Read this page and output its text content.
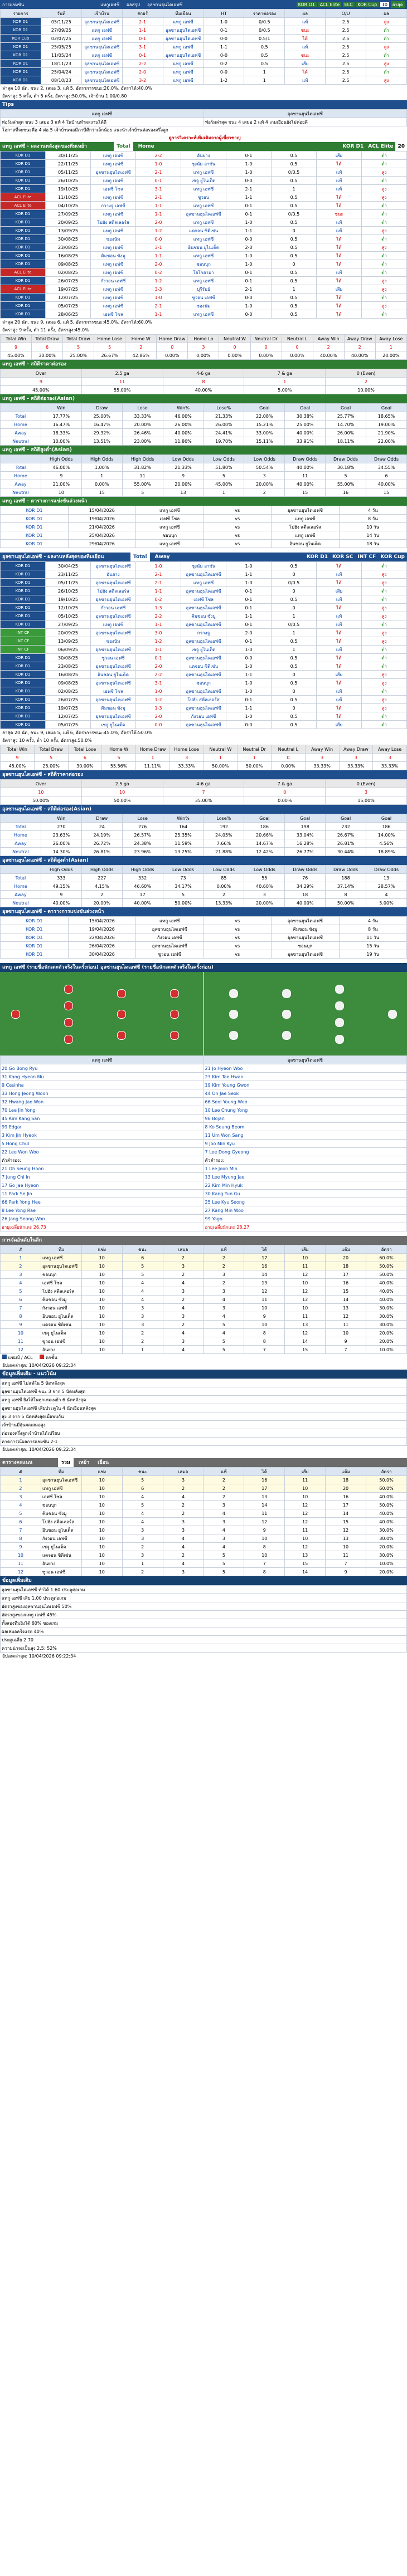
การแข่งขัน	แทกูเอฟซี	ผลสรุป	อุลซานฮุนไดเอฟซี	KOR D1 ACL Elite ELC KOR Cup 10 ล่าสุด
รายการ	วันที่	เจ้าบ้าน	สกอร์	ทีมเยือน	HT	ราคาต่อรอง	ผล	O/U	ผล
KOR D1	05/11/25	อุลซานฮุนไดเอฟซี	2-1	แทกู เอฟซี	1-0	0/0.5	แพ้	2.5	สูง
KOR D1	27/09/25	แทกู เอฟซี	1-1	อุลซานฮุนไดเอฟซี	0-1	0/0.5	ชนะ	2.5	ต่ำ
KOR Cup	02/07/25	แทกู เอฟซี	0-1	อุลซานฮุนไดเอฟซี	0-0	0.5/1	ได้	2.5	ต่ำ
KOR D1	25/05/25	อุลซานฮุนไดเอฟซี	3-1	แทกู เอฟซี	1-1	0.5	แพ้	2.5	สูง
KOR D1	11/05/24	แทกู เอฟซี	0-1	อุลซานฮุนไดเอฟซี	0-0	0.5	ชนะ	2.5	ต่ำ
KOR D1	18/11/23	อุลซานฮุนไดเอฟซี	2-2	แทกู เอฟซี	0-2	0.5	เสีย	2.5	สูง
KOR D1	25/04/24	อุลซานฮุนไดเอฟซี	2-0	แทกู เอฟซี	0-0	1	ได้	2.5	ต่ำ
KOR D1	08/10/23	อุลซานฮุนไดเอฟซี	3-2	แทกู เอฟซี	1-2	1	แพ้	2.5	สูง
ล่าสุด 10 นัด, ชนะ 2, เสมอ 3, แพ้ 5, อัตราการชนะ:20.0%, อัตราได้:40.0%
อัตราสูง 5 ครั้ง, ต่ำ 5 ครั้ง, อัตราสูง:50.0%, เจ้าบ้าน 1.00/0.80
Tips
แทกู เอฟซี	อุลซานฮุนไดเอฟซี
ฟอร์มล่าสุด ชนะ 3 เสมอ 3 แพ้ 4 ในบ้านทำผลงานได้ดี	ฟอร์มล่าสุด ชนะ 4 เสมอ 2 แพ้ 4 เกมเยือนยังไม่ค่อยดี
โอกาสที่จะชนะคือ 4 ต่อ 5 เจ้าบ้านพอมีภาษีดีกว่าเล็กน้อย แนะนำเจ้าบ้านต่อรองครึ่งลูก
ดูการวิเคราะห์เพิ่มเติมจากผู้เชี่ยวชาญ
แทกู เอฟซี - ผลงานหลังสุดของทีมเหย้า	Total	Home	KOR D1 ACL Elite 20
KOR D1	30/11/25	แทกู เอฟซี	2-2	อันยาง	0-1	0.5	เสีย	ต่ำ
KOR D1	22/11/25	แทกู เอฟซี	1-0	ชุงนัม อาซัน	1-0	0.5	ได้	ต่ำ
KOR D1	05/11/25	อุลซานฮุนไดเอฟซี	2-1	แทกู เอฟซี	1-0	0/0.5	แพ้	สูง
KOR D1	26/10/25	แทกู เอฟซี	0-1	เชจู ยูไนเต็ด	0-0	0.5	แพ้	ต่ำ
KOR D1	19/10/25	เอฟซี โซล	3-1	แทกู เอฟซี	2-1	1	แพ้	สูง
ACL Elite	11/10/25	แทกู เอฟซี	2-1	ซูวอน	1-1	0.5	ได้	สูง
ACL Elite	04/10/25	กวางจู เอฟซี	1-1	แทกู เอฟซี	0-1	0.5	ได้	ต่ำ
KOR D1	27/09/25	แทกู เอฟซี	1-1	อุลซานฮุนไดเอฟซี	0-1	0/0.5	ชนะ	ต่ำ
KOR D1	20/09/25	โปฮัง สตีลเลอร์ส	2-0	แทกู เอฟซี	1-0	0.5	แพ้	ต่ำ
KOR D1	13/09/25	แทกู เอฟซี	1-2	แดจอน ซิติเซ่น	1-1	0	แพ้	สูง
KOR D1	30/08/25	ซองนัม	0-0	แทกู เอฟซี	0-0	0.5	ได้	ต่ำ
KOR D1	23/08/25	แทกู เอฟซี	3-1	อินชอน ยูไนเต็ด	2-0	0.5	ได้	สูง
KOR D1	16/08/25	คิมชอน ซังมู	1-1	แทกู เอฟซี	1-0	0.5	ได้	ต่ำ
KOR D1	09/08/25	แทกู เอฟซี	2-0	ชอนบุก	1-0	0	ได้	ต่ำ
ACL Elite	02/08/25	แทกู เอฟซี	0-2	โยโกฮาม่า	0-1	0.5	แพ้	ต่ำ
KOR D1	26/07/25	กังวอน เอฟซี	1-2	แทกู เอฟซี	0-1	0.5	ได้	สูง
ACL Elite	19/07/25	แทกู เอฟซี	3-3	บุรีรัมย์	2-1	1	เสีย	สูง
KOR D1	12/07/25	แทกู เอฟซี	1-0	ซูวอน เอฟซี	0-0	0.5	ได้	ต่ำ
KOR D1	05/07/25	แทกู เอฟซี	2-1	ซองนัม	1-0	0.5	ได้	สูง
KOR D1	28/06/25	เอฟซี โซล	1-1	แทกู เอฟซี	0-0	0.5	ได้	ต่ำ
ล่าสุด 20 นัด, ชนะ 9, เสมอ 6, แพ้ 5, อัตราการชนะ:45.0%, อัตราได้:60.0%
อัตราสูง 9 ครั้ง, ต่ำ 11 ครั้ง, อัตราสูง:45.0%
Total Win	Total Draw	Total Draw	Home Lose	Home W	Home Draw	Home Lo	Neutral W	Neutral Dr	Neutral L	Away Win	Away Draw	Away Lose
9	6	5	5	2	0	3	0	0	0	2	2	1
45.00%	30.00%	25.00%	26.67%	42.86%	0.00%	0.00%	0.00%	0.00%	0.00%	40.00%	40.00%	20.00%
แทกู เอฟซี - สถิติราคาต่อรอง
Over	2.5 ga	4-6 ga	7 & ga	0 (Even)
9	11	8	1	2
45.00%	55.00%	40.00%	5.00%	10.00%
แทกู เอฟซี - สถิติต่อรอง(Asian)
	Win	Draw	Lose	Win%	Lose%	Goal	Goal	Goal	Goal
Total	17.77%	25.00%	33.33%	46.00%	21.33%	22.08%	30.38%	25.77%	18.65%
Home	16.47%	16.47%	20.00%	26.00%	26.00%	15.21%	25.00%	14.70%	19.00%
Away	18.33%	29.32%	26.46%	40.00%	24.41%	33.00%	40.00%	26.00%	21.90%
Neutral	10.00%	13.51%	23.00%	11.80%	19.70%	15.11%	33.91%	18.11%	22.00%
แทกู เอฟซี - สถิติสูงต่ำ(Asian)
	High Odds	High Odds	High Odds	Low Odds	Low Odds	Low Odds	Draw Odds	Draw Odds	Draw Odds
Total	46.00%	1.00%	31.82%	21.33%	51.80%	50.54%	40.00%	30.18%	34.55%
Home	9	1	11	9	5	3	11	5	6
Away	21.00%	0.00%	55.00%	20.00%	45.00%	20.00%	40.00%	55.00%	40.00%
Neutral	10	15	5	13	1	2	15	16	15
แทกู เอฟซี - ตารางการแข่งขันล่วงหน้า
KOR D1	15/04/2026	แทกู เอฟซี	vs	อุลซานฮุนไดเอฟซี	4 วัน
KOR D1	19/04/2026	เอฟซี โซล	vs	แทกู เอฟซี	8 วัน
KOR D1	21/04/2026	แทกู เอฟซี	vs	โปฮัง สตีลเลอร์ส	10 วัน
KOR D1	25/04/2026	ชอนบุก	vs	แทกู เอฟซี	14 วัน
KOR D1	29/04/2026	แทกู เอฟซี	vs	อินชอน ยูไนเต็ด	18 วัน
อุลซานฮุนไดเอฟซี - ผลงานหลังสุดของทีมเยือน	Total	Away	KOR D1 KOR SC INT CF KOR Cup
KOR D1	30/04/25	อุลซานฮุนไดเอฟซี	1-0	ชุงนัม อาซัน	1-0	0.5	ได้	ต่ำ
KOR D1	23/11/25	อันยาง	2-1	อุลซานฮุนไดเอฟซี	1-1	0	แพ้	สูง
KOR D1	05/11/25	อุลซานฮุนไดเอฟซี	2-1	แทกู เอฟซี	1-0	0/0.5	ได้	สูง
KOR D1	26/10/25	โปฮัง สตีลเลอร์ส	1-1	อุลซานฮุนไดเอฟซี	0-1	0	เสีย	ต่ำ
KOR D1	19/10/25	อุลซานฮุนไดเอฟซี	0-2	เอฟซี โซล	0-1	0.5	แพ้	ต่ำ
KOR D1	12/10/25	กังวอน เอฟซี	1-3	อุลซานฮุนไดเอฟซี	0-1	0	ได้	สูง
KOR D1	05/10/25	อุลซานฮุนไดเอฟซี	2-2	คิมชอน ซังมู	1-1	1	แพ้	สูง
KOR D1	27/09/25	แทกู เอฟซี	1-1	อุลซานฮุนไดเอฟซี	0-1	0/0.5	แพ้	ต่ำ
INT CF	20/09/25	อุลซานฮุนไดเอฟซี	3-0	กวางจู	2-0	1	ได้	สูง
INT CF	13/09/25	ซองนัม	1-2	อุลซานฮุนไดเอฟซี	0-1	0.5	ได้	สูง
INT CF	06/09/25	อุลซานฮุนไดเอฟซี	1-1	เชจู ยูไนเต็ด	1-0	1	แพ้	ต่ำ
KOR D1	30/08/25	ซูวอน เอฟซี	0-1	อุลซานฮุนไดเอฟซี	0-0	0.5	ได้	ต่ำ
KOR D1	23/08/25	อุลซานฮุนไดเอฟซี	2-0	แดจอน ซิติเซ่น	1-0	0.5	ได้	ต่ำ
KOR D1	16/08/25	อินชอน ยูไนเต็ด	2-2	อุลซานฮุนไดเอฟซี	1-1	0	เสีย	สูง
KOR D1	09/08/25	อุลซานฮุนไดเอฟซี	3-1	ชอนบุก	1-0	0.5	ได้	สูง
KOR D1	02/08/25	เอฟซี โซล	1-0	อุลซานฮุนไดเอฟซี	1-0	0	แพ้	ต่ำ
KOR D1	26/07/25	อุลซานฮุนไดเอฟซี	1-2	โปฮัง สตีลเลอร์ส	0-1	0.5	แพ้	สูง
KOR D1	19/07/25	คิมชอน ซังมู	1-3	อุลซานฮุนไดเอฟซี	1-1	0	ได้	สูง
KOR D1	12/07/25	อุลซานฮุนไดเอฟซี	2-0	กังวอน เอฟซี	1-0	0.5	ได้	ต่ำ
KOR D1	05/07/25	เชจู ยูไนเต็ด	0-0	อุลซานฮุนไดเอฟซี	0-0	0.5	เสีย	ต่ำ
ล่าสุด 20 นัด, ชนะ 9, เสมอ 5, แพ้ 6, อัตราการชนะ:45.0%, อัตราได้:50.0%
อัตราสูง 10 ครั้ง, ต่ำ 10 ครั้ง, อัตราสูง:50.0%
Total Win	Total Draw	Total Lose	Home W	Home Draw	Home Lose	Neutral W	Neutral Dr	Neutral L	Away Win	Away Draw	Away Lose
9	5	6	5	1	3	1	1	0	3	3	3
45.00%	25.00%	30.00%	55.56%	11.11%	33.33%	50.00%	50.00%	0.00%	33.33%	33.33%	33.33%
อุลซานฮุนไดเอฟซี - สถิติราคาต่อรอง
Over	2.5 ga	4-6 ga	7 & ga	0 (Even)
10	10	7	0	3
50.00%	50.00%	35.00%	0.00%	15.00%
อุลซานฮุนไดเอฟซี - สถิติต่อรอง(Asian)
	Win	Draw	Lose	Win%	Lose%	Goal	Goal	Goal	Goal
Total	270	24	276	164	192	186	198	232	186
Home	23.63%	24.19%	26.57%	25.35%	24.05%	20.66%	33.04%	26.67%	14.00%
Away	26.00%	26.72%	24.38%	11.59%	7.66%	14.67%	16.28%	26.81%	4.56%
Neutral	14.30%	26.81%	23.96%	13.25%	21.88%	12.42%	26.77%	30.44%	18.89%
อุลซานฮุนไดเอฟซี - สถิติสูงต่ำ(Asian)
	High Odds	High Odds	High Odds	Low Odds	Low Odds	Low Odds	Draw Odds	Draw Odds	Draw Odds
Total	333	227	332	73	85	55	76	188	13
Home	49.15%	4.15%	46.60%	34.17%	0.00%	40.60%	34.29%	37.14%	28.57%
Away	9	2	17	5	2	3	18	8	4
Neutral	40.00%	20.00%	40.00%	50.00%	13.33%	20.00%	40.00%	50.00%	5.00%
อุลซานฮุนไดเอฟซี - ตารางการแข่งขันล่วงหน้า
KOR D1	15/04/2026	แทกู เอฟซี	vs	อุลซานฮุนไดเอฟซี	4 วัน
KOR D1	19/04/2026	อุลซานฮุนไดเอฟซี	vs	คิมชอน ซังมู	8 วัน
KOR D1	22/04/2026	กังวอน เอฟซี	vs	อุลซานฮุนไดเอฟซี	11 วัน
KOR D1	26/04/2026	อุลซานฮุนไดเอฟซี	vs	ชอนบุก	15 วัน
KOR D1	30/04/2026	ซูวอน เอฟซี	vs	อุลซานฮุนไดเอฟซี	19 วัน
แทกู เอฟซี (รายชื่อนักเตะตัวจริงในครั้งก่อน) อุลซานฮุนไดเอฟซี (รายชื่อนักเตะตัวจริงในครั้งก่อน)
แทกู เอฟซี	อุลซานฮุนไดเอฟซี
20 Go Bong Ryu	21 Jo Hyeon Woo
31 Kang Hyeon Mu	23 Kim Tae Hwan
9 Cesinha	19 Kim Young Gwon
33 Hong Jeong Woon	44 Oh Jae Seok
32 Hwang Jae Won	66 Seol Young Woo
70 Lee Jin Yong	10 Lee Chung Yong
45 Kim Kang San	96 Bojan
99 Edgar	8 Ko Seung Beom
3 Kim Jin Hyeok	11 Um Won Sang
5 Hong Chul	9 Joo Min Kyu
22 Lee Won Woo	7 Lee Dong Gyeong
ตัวสำรอง:	ตัวสำรอง:
21 Oh Seung Hoon	1 Lee Joon Min
7 Jung Chi In	13 Lee Myung Jae
17 Go Jae Hyeon	22 Kim Min Hyuk
11 Park Se Jin	30 Kang Yun Gu
66 Park Yong Hee	25 Lee Kyu Seong
8 Lee Yong Rae	27 Kang Min Woo
26 Jang Seong Won	99 Yago
อายุเฉลี่ยนักเตะ 26.73	อายุเฉลี่ยนักเตะ 28.27
การจัดอันดับในลีก
#	ทีม	แข่ง	ชนะ	เสมอ	แพ้	ได้	เสีย	แต้ม	อัตรา
1	แทกู เอฟซี	10	6	2	2	17	10	20	60.0%
2	อุลซานฮุนไดเอฟซี	10	5	3	2	16	11	18	50.0%
3	ชอนบุก	10	5	2	3	14	12	17	50.0%
4	เอฟซี โซล	10	4	4	2	13	10	16	40.0%
5	โปฮัง สตีลเลอร์ส	10	4	3	3	12	12	15	40.0%
6	คิมชอน ซังมู	10	4	2	4	11	12	14	40.0%
7	กังวอน เอฟซี	10	3	4	3	10	10	13	30.0%
8	อินชอน ยูไนเต็ด	10	3	3	4	9	11	12	30.0%
9	แดจอน ซิติเซ่น	10	3	2	5	10	13	11	30.0%
10	เชจู ยูไนเต็ด	10	2	4	4	8	12	10	20.0%
11	ซูวอน เอฟซี	10	2	3	5	8	14	9	20.0%
12	อันยาง	10	1	4	5	7	15	7	10.0%
แชมป์ / ACL	ตกชั้น
อัปเดตล่าสุด: 10/04/2026 09:22:34
ข้อมูลเพิ่มเติม - แนวโน้ม
แทกู เอฟซี ไม่แพ้ใน 5 นัดหลังสุด
อุลซานฮุนไดเอฟซี ชนะ 3 จาก 5 นัดหลังสุด
แทกู เอฟซี ยิงได้ในทุกเกมเหย้า 6 นัดหลังสุด
อุลซานฮุนไดเอฟซี เสียประตูใน 4 นัดเยือนหลังสุด
สูง 3 จาก 5 นัดหลังสุดเมื่อพบกัน
เจ้าบ้านมีลุ้นผลเสมอสูง
ต่อรองครึ่งลูกเจ้าบ้านได้เปรียบ
คาดการณ์ผลการแข่งขัน 2-1
อัปเดตล่าสุด: 10/04/2026 09:22:34
ตารางคะแนน	รวม	เหย้า	เยือน
#	ทีม	แข่ง	ชนะ	เสมอ	แพ้	ได้	เสีย	แต้ม	อัตรา
1	อุลซานฮุนไดเอฟซี	10	5	3	2	16	11	18	50.0%
2	แทกู เอฟซี	10	6	2	2	17	10	20	60.0%
3	เอฟซี โซล	10	4	4	2	13	10	16	40.0%
4	ชอนบุก	10	5	2	3	14	12	17	50.0%
5	คิมชอน ซังมู	10	4	2	4	11	12	14	40.0%
6	โปฮัง สตีลเลอร์ส	10	4	3	3	12	12	15	40.0%
7	อินชอน ยูไนเต็ด	10	3	3	4	9	11	12	30.0%
8	กังวอน เอฟซี	10	3	4	3	10	10	13	30.0%
9	เชจู ยูไนเต็ด	10	2	4	4	8	12	10	20.0%
10	แดจอน ซิติเซ่น	10	3	2	5	10	13	11	30.0%
11	อันยาง	10	1	4	5	7	15	7	10.0%
12	ซูวอน เอฟซี	10	2	3	5	8	14	9	20.0%
ข้อมูลเพิ่มเติม
อุลซานฮุนไดเอฟซี ทำได้ 1.60 ประตูต่อเกม
แทกู เอฟซี เสีย 1.00 ประตูต่อเกม
อัตราสูงของอุลซานฮุนไดเอฟซี 50%
อัตราสูงของแทกู เอฟซี 45%
ทั้งสองทีมยิงได้ 60% ของเกม
ผลเสมอครึ่งแรก 40%
ประตูเฉลี่ย 2.70
ความน่าจะเป็นสูง 2.5: 52%
อัปเดตล่าสุด: 10/04/2026 09:22:34
